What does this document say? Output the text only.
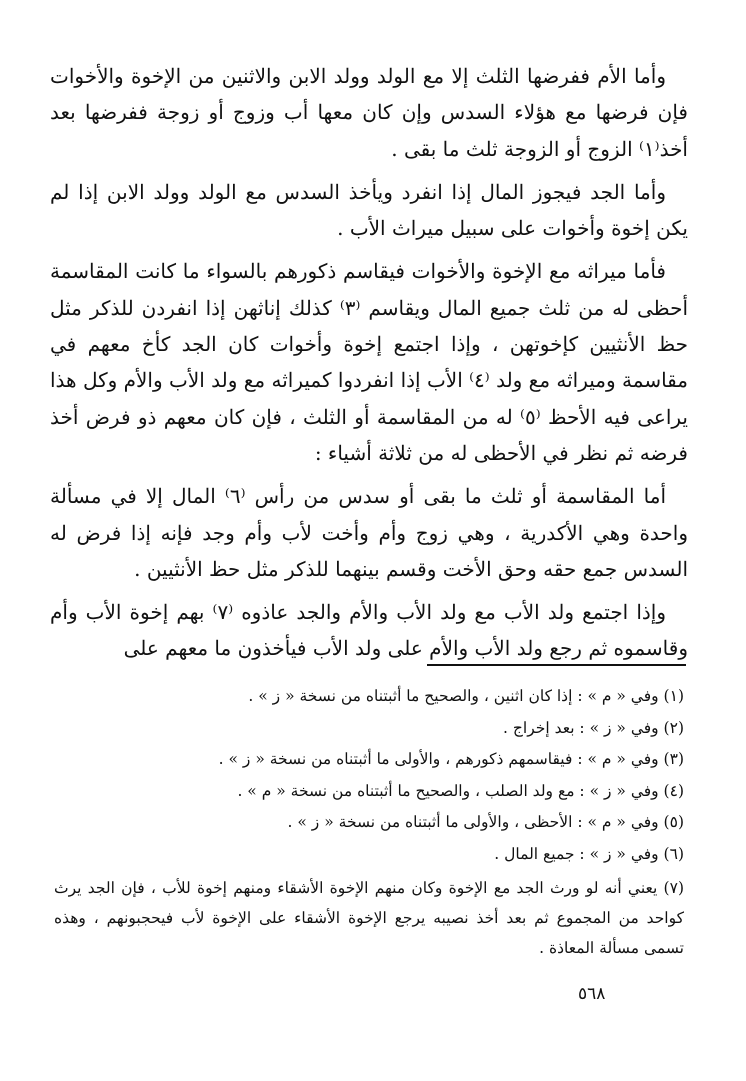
وأما الأم ففرضها الثلث إلا مع الولد وولد الابن والاثنين من الإخوة والأخوات فإن فرضها مع هؤلاء السدس وإن كان معها أب وزوج أو زوجة ففرضها بعد أخذ⁽١⁾ الزوج أو الزوجة ثلث ما بقى .

وأما الجد فيجوز المال إذا انفرد ويأخذ السدس مع الولد وولد الابن إذا لم يكن إخوة وأخوات على سبيل ميراث الأب .

فأما ميراثه مع الإخوة والأخوات فيقاسم ذكورهم بالسواء ما كانت المقاسمة أحظى له من ثلث جميع المال ويقاسم ⁽٣⁾ كذلك إناثهن إذا انفردن للذكر مثل حظ الأنثيين كإخوتهن ، وإذا اجتمع إخوة وأخوات كان الجد كأخ معهم في مقاسمة وميراثه مع ولد ⁽٤⁾ الأب إذا انفردوا كميراثه مع ولد الأب والأم وكل هذا يراعى فيه الأحظ ⁽٥⁾ له من المقاسمة أو الثلث ، فإن كان معهم ذو فرض أخذ فرضه ثم نظر في الأحظى له من ثلاثة أشياء :

أما المقاسمة أو ثلث ما بقى أو سدس من رأس ⁽٦⁾ المال إلا في مسألة واحدة وهي الأكدرية ، وهي زوج وأم وأخت لأب وأم وجد فإنه إذا فرض له السدس جمع حقه وحق الأخت وقسم بينهما للذكر مثل حظ الأنثيين .

وإذا اجتمع ولد الأب مع ولد الأب والأم والجد عاذوه ⁽٧⁾ بهم إخوة الأب وأم وقاسموه ثم رجع ولد الأب والأم على ولد الأب فيأخذون ما معهم على

(١) وفي « م » : إذا كان اثنين ، والصحيح ما أثبتناه من نسخة « ز » .

(٢) وفي « ز » : بعد إخراج .

(٣) وفي « م » : فيقاسمهم ذكورهم ، والأولى ما أثبتناه من نسخة « ز » .

(٤) وفي « ز » : مع ولد الصلب ، والصحيح ما أثبتناه من نسخة « م » .

(٥) وفي « م » : الأحظى ، والأولى ما أثبتناه من نسخة « ز » .

(٦) وفي « ز » : جميع المال .

(٧) يعني أنه لو ورث الجد مع الإخوة وكان منهم الإخوة الأشقاء ومنهم إخوة للأب ، فإن الجد يرث كواحد من المجموع ثم بعد أخذ نصيبه يرجع الإخوة الأشقاء على الإخوة لأب فيحجبونهم ، وهذه تسمى مسألة المعاذة .

٥٦٨
